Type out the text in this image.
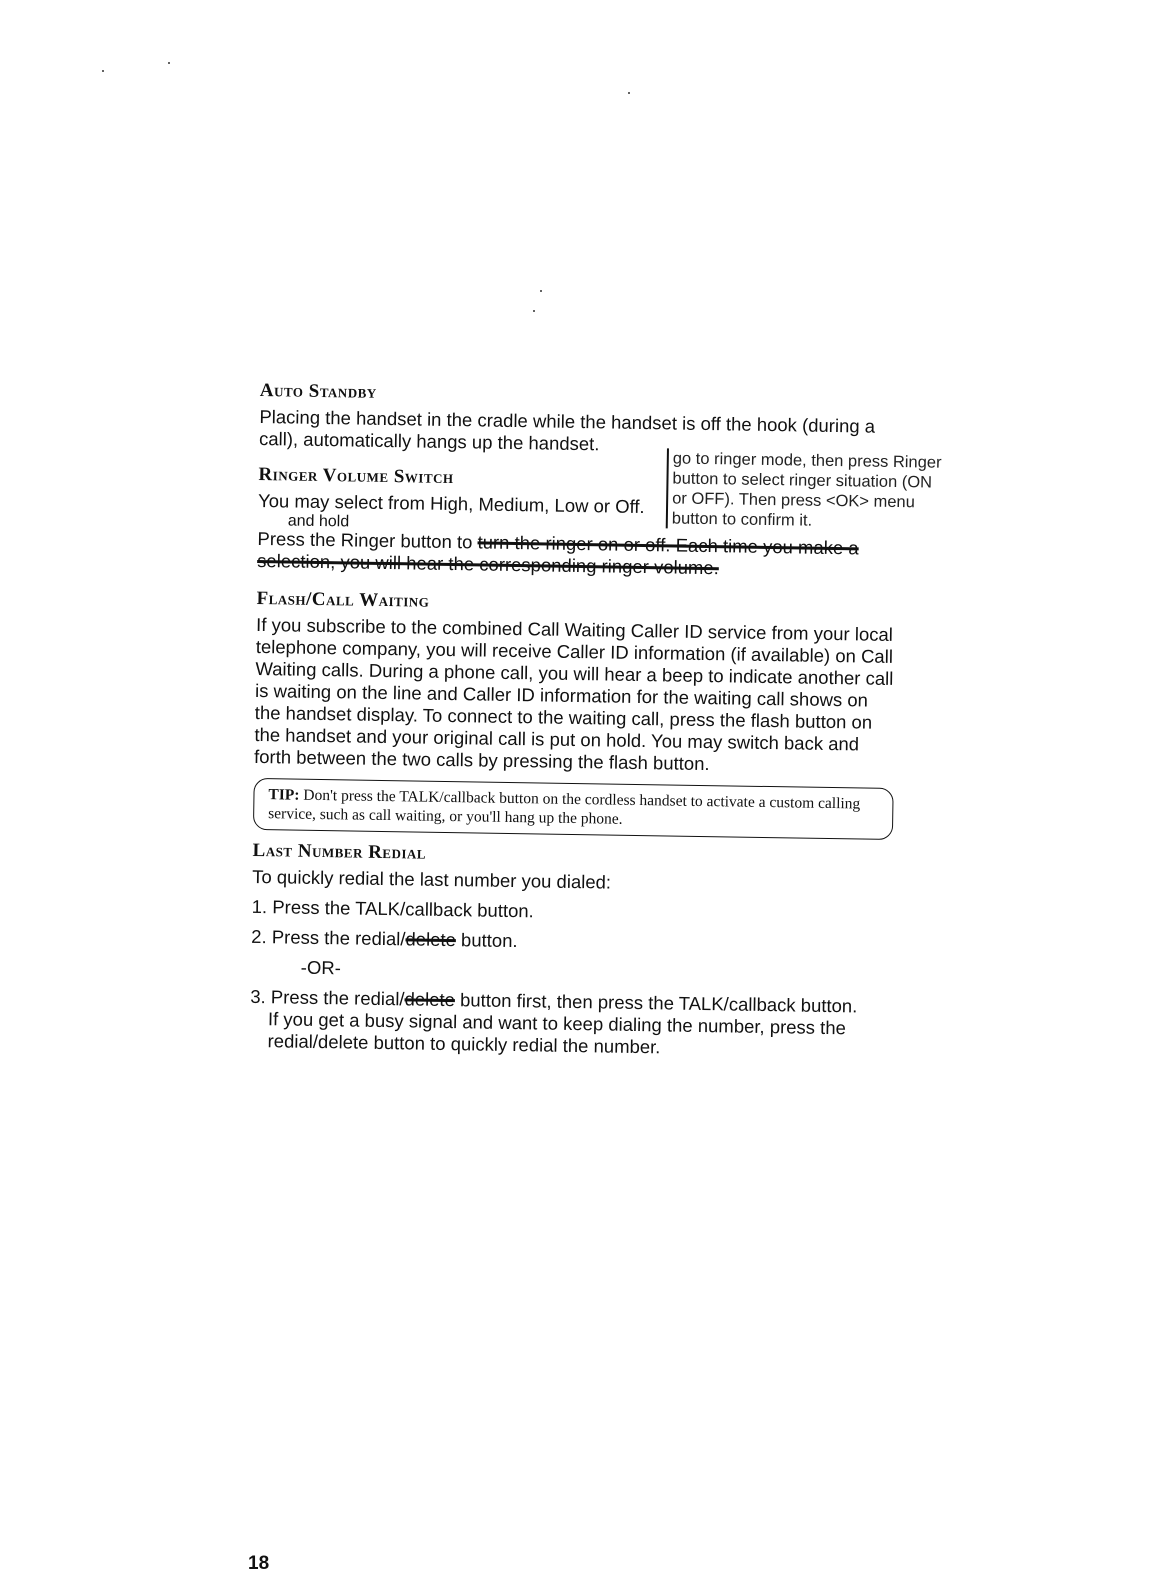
Auto Standby

Placing the handset in the cradle while the handset is off the hook (during a call), automatically hangs up the handset.

Ringer Volume Switch

You may select from High, Medium, Low or Off.

and hold

Press the Ringer button to turn the ringer on or off. Each time you make a selection, you will hear the corresponding ringer volume.

go to ringer mode, then press Ringer button to select ringer situation (ON or OFF). Then press <OK> menu button to confirm it.
Flash/Call Waiting

If you subscribe to the combined Call Waiting Caller ID service from your local telephone company, you will receive Caller ID information (if available) on Call Waiting calls. During a phone call, you will hear a beep to indicate another call is waiting on the line and Caller ID information for the waiting call shows on the handset display. To connect to the waiting call, press the flash button on the handset and your original call is put on hold. You may switch back and forth between the two calls by pressing the flash button.

TIP: Don't press the TALK/callback button on the cordless handset to activate a custom calling service, such as call waiting, or you'll hang up the phone.
Last Number Redial

To quickly redial the last number you dialed:

1. Press the TALK/callback button.
2. Press the redial/delete button.
-OR-
3. Press the redial/delete button first, then press the TALK/callback button.
If you get a busy signal and want to keep dialing the number, press the redial/delete button to quickly redial the number.
18
